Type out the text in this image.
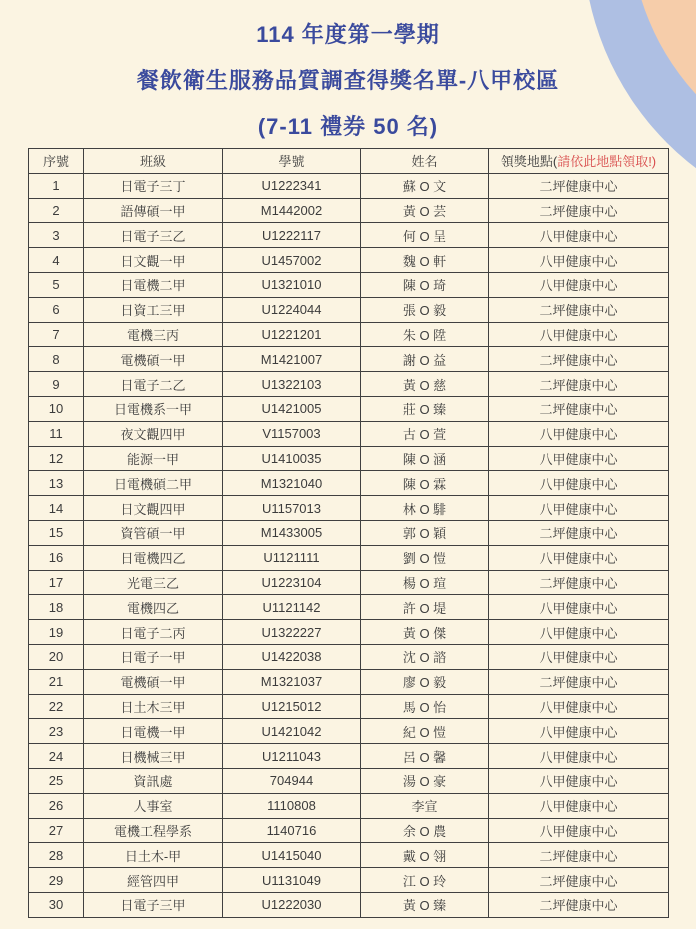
114 年度第一學期
餐飲衛生服務品質調查得獎名單-八甲校區
(7-11 禮券 50 名)
序號	班級	學號	姓名	領獎地點(請依此地點領取!)
1	日電子三丁	U1222341	蘇 O 文	二坪健康中心
2	語傳碩一甲	M1442002	黃 O 芸	二坪健康中心
3	日電子三乙	U1222117	何 O 呈	八甲健康中心
4	日文觀一甲	U1457002	魏 O 軒	八甲健康中心
5	日電機二甲	U1321010	陳 O 琦	八甲健康中心
6	日資工三甲	U1224044	張 O 毅	二坪健康中心
7	電機三丙	U1221201	朱 O 陞	八甲健康中心
8	電機碩一甲	M1421007	謝 O 益	二坪健康中心
9	日電子二乙	U1322103	黃 O 慈	二坪健康中心
10	日電機系一甲	U1421005	莊 O 臻	二坪健康中心
11	夜文觀四甲	V1157003	古 O 萱	八甲健康中心
12	能源一甲	U1410035	陳 O 涵	八甲健康中心
13	日電機碩二甲	M1321040	陳 O 霖	八甲健康中心
14	日文觀四甲	U1157013	林 O 騑	八甲健康中心
15	資管碩一甲	M1433005	郭 O 穎	二坪健康中心
16	日電機四乙	U1121111	劉 O 愷	八甲健康中心
17	光電三乙	U1223104	楊 O 瑄	二坪健康中心
18	電機四乙	U1121142	許 O 堤	八甲健康中心
19	日電子二丙	U1322227	黃 O 傑	八甲健康中心
20	日電子一甲	U1422038	沈 O 諮	八甲健康中心
21	電機碩一甲	M1321037	廖 O 毅	二坪健康中心
22	日土木三甲	U1215012	馬 O 怡	八甲健康中心
23	日電機一甲	U1421042	紀 O 愷	八甲健康中心
24	日機械三甲	U1211043	呂 O 馨	八甲健康中心
25	資訊處	704944	湯 O 豪	八甲健康中心
26	人事室	1110808	李宣	八甲健康中心
27	電機工程學系	1140716	余 O 農	八甲健康中心
28	日土木-甲	U1415040	戴 O 翎	二坪健康中心
29	經管四甲	U1131049	江 O 玲	二坪健康中心
30	日電子三甲	U1222030	黃 O 臻	二坪健康中心
